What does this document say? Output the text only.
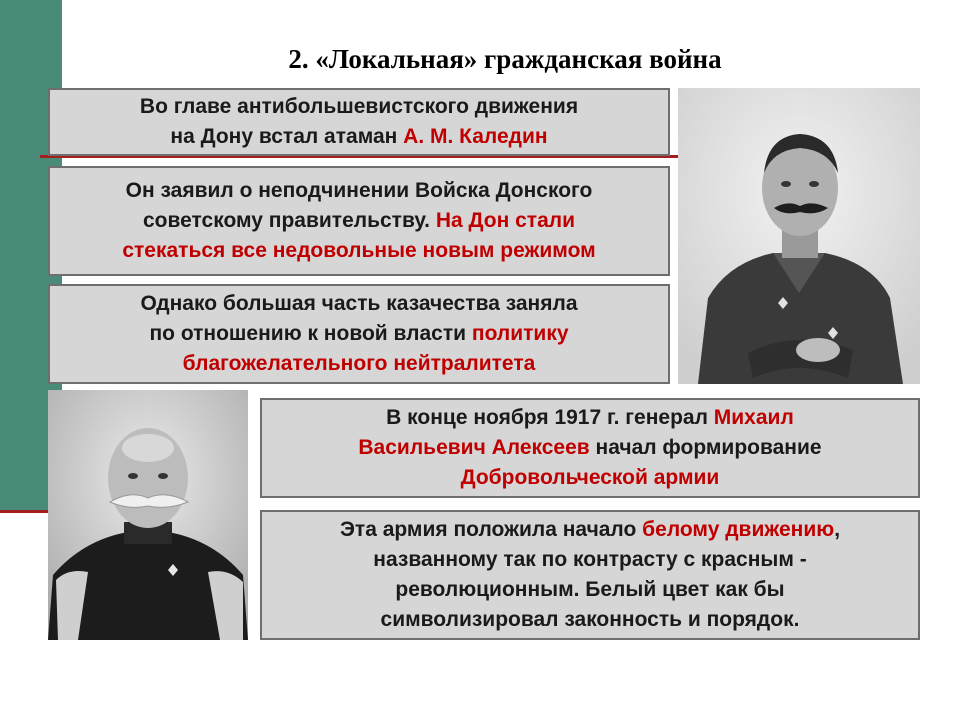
2. «Локальная» гражданская война

Во главе антибольшевистского движения
на Дону встал атаман А. М. Каледин

Он заявил о неподчинении Войска Донского
советскому правительству. На Дон стали
стекаться все недовольные новым режимом

Однако большая часть казачества заняла
по отношению к новой власти политику
благожелательного нейтралитета

В конце ноября 1917 г. генерал Михаил
Васильевич Алексеев начал формирование
Добровольческой армии

Эта армия положила начало белому движению,
названному так по контрасту с красным -
революционным. Белый цвет как бы
символизировал законность и порядок.
